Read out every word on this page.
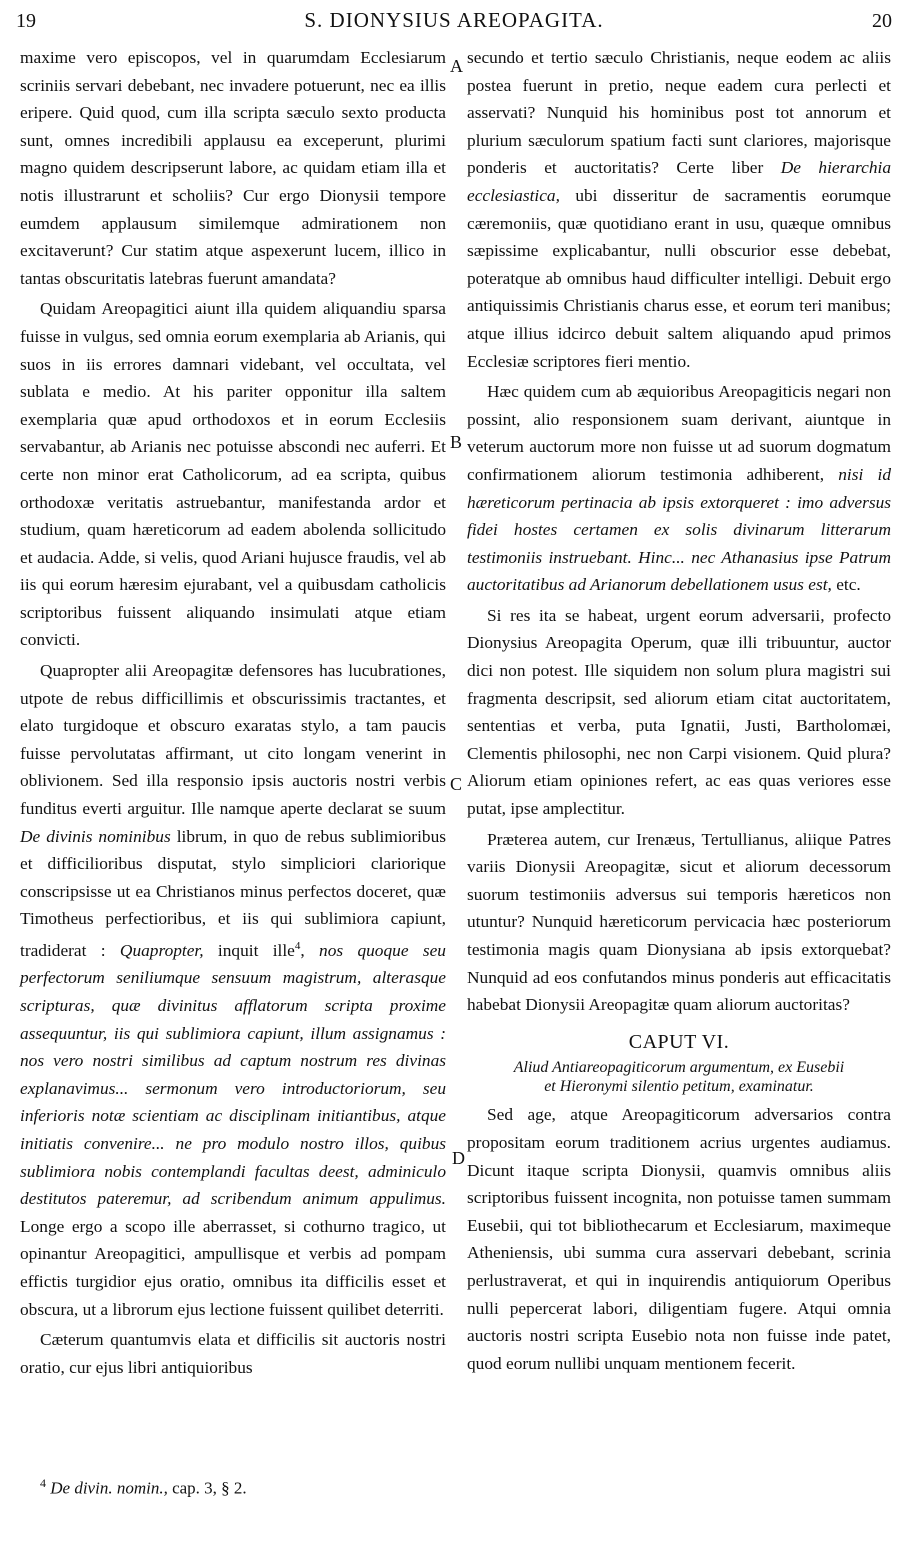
19	S. DIONYSIUS AREOPAGITA.	20
A
B
C
D

maxime vero episcopos, vel in quarumdam Ecclesiarum scriniis servari debebant, nec invadere potuerunt, nec ea illis eripere. Quid quod, cum illa scripta sæculo sexto producta sunt, omnes incredibili applausu ea exceperunt, plurimi magno quidem descripserunt labore, ac quidam etiam illa et notis illustrarunt et scholiis? Cur ergo Dionysii tempore eumdem applausum similemque admirationem non excitaverunt? Cur statim atque aspexerunt lucem, illico in tantas obscuritatis latebras fuerunt amandata?

Quidam Areopagitici aiunt illa quidem aliquandiu sparsa fuisse in vulgus, sed omnia eorum exemplaria ab Arianis, qui suos in iis errores damnari videbant, vel occultata, vel sublata e medio. At his pariter opponitur illa saltem exemplaria quæ apud orthodoxos et in eorum Ecclesiis servabantur, ab Arianis nec potuisse abscondi nec auferri. Et certe non minor erat Catholicorum, ad ea scripta, quibus orthodoxæ veritatis astruebantur, manifestanda ardor et studium, quam hæreticorum ad eadem abolenda sollicitudo et audacia. Adde, si velis, quod Ariani hujusce fraudis, vel ab iis qui eorum hæresim ejurabant, vel a quibusdam catholicis scriptoribus fuissent aliquando insimulati atque etiam convicti.

Quapropter alii Areopagitæ defensores has lucubrationes, utpote de rebus difficillimis et obscurissimis tractantes, et elato turgidoque et obscuro exaratas stylo, a tam paucis fuisse pervolutatas affirmant, ut cito longam venerint in oblivionem. Sed illa responsio ipsis auctoris nostri verbis funditus everti arguitur. Ille namque aperte declarat se suum De divinis nominibus librum, in quo de rebus sublimioribus et difficilioribus disputat, stylo simpliciori clariorique conscripsisse ut ea Christianos minus perfectos doceret, quæ Timotheus perfectioribus, et iis qui sublimiora capiunt, tradiderat : Quapropter, inquit ille$^4$, nos quoque seu perfectorum seniliumque sensuum magistrum, alterasque scripturas, quæ divinitus afflatorum scripta proxime assequuntur, iis qui sublimiora capiunt, illum assignamus : nos vero nostri similibus ad captum nostrum res divinas explanavimus... sermonum vero introductoriorum, seu inferioris notæ scientiam ac disciplinam initiantibus, atque initiatis convenire... ne pro modulo nostro illos, quibus sublimiora nobis contemplandi facultas deest, adminiculo destitutos pateremur, ad scribendum animum appulimus. Longe ergo a scopo ille aberrasset, si cothurno tragico, ut opinantur Areopagitici, ampullisque et verbis ad pompam effictis turgidior ejus oratio, omnibus ita difficilis esset et obscura, ut a librorum ejus lectione fuissent quilibet deterriti.

Cæterum quantumvis elata et difficilis sit auctoris nostri oratio, cur ejus libri antiquioribus

secundo et tertio sæculo Christianis, neque eodem ac aliis postea fuerunt in pretio, neque eadem cura perlecti et asservati? Nunquid his hominibus post tot annorum et plurium sæculorum spatium facti sunt clariores, majorisque ponderis et auctoritatis? Certe liber De hierarchia ecclesiastica, ubi disseritur de sacramentis eorumque cæremoniis, quæ quotidiano erant in usu, quæque omnibus sæpissime explicabantur, nulli obscurior esse debebat, poteratque ab omnibus haud difficulter intelligi. Debuit ergo antiquissimis Christianis charus esse, et eorum teri manibus; atque illius idcirco debuit saltem aliquando apud primos Ecclesiæ scriptores fieri mentio.

Hæc quidem cum ab æquioribus Areopagiticis negari non possint, alio responsionem suam derivant, aiuntque in veterum auctorum more non fuisse ut ad suorum dogmatum confirmationem aliorum testimonia adhiberent, nisi id hæreticorum pertinacia ab ipsis extorqueret : imo adversus fidei hostes certamen ex solis divinarum litterarum testimoniis instruebant. Hinc... nec Athanasius ipse Patrum auctoritatibus ad Arianorum debellationem usus est, etc.

Si res ita se habeat, urgent eorum adversarii, profecto Dionysius Areopagita Operum, quæ illi tribuuntur, auctor dici non potest. Ille siquidem non solum plura magistri sui fragmenta descripsit, sed aliorum etiam citat auctoritatem, sententias et verba, puta Ignatii, Justi, Bartholomæi, Clementis philosophi, nec non Carpi visionem. Quid plura? Aliorum etiam opiniones refert, ac eas quas veriores esse putat, ipse amplectitur.

Præterea autem, cur Irenæus, Tertullianus, aliique Patres variis Dionysii Areopagitæ, sicut et aliorum decessorum suorum testimoniis adversus sui temporis hæreticos non utuntur? Nunquid hæreticorum pervicacia hæc posteriorum testimonia magis quam Dionysiana ab ipsis extorquebat? Nunquid ad eos confutandos minus ponderis aut efficacitatis habebat Dionysii Areopagitæ quam aliorum auctoritas?

CAPUT VI.
Aliud Antiareopagiticorum argumentum, ex Eusebii
et Hieronymi silentio petitum, examinatur.

Sed age, atque Areopagiticorum adversarios contra propositam eorum traditionem acrius urgentes audiamus. Dicunt itaque scripta Dionysii, quamvis omnibus aliis scriptoribus fuissent incognita, non potuisse tamen summam Eusebii, qui tot bibliothecarum et Ecclesiarum, maximeque Atheniensis, ubi summa cura asservari debebant, scrinia perlustraverat, et qui in inquirendis antiquiorum Operibus nulli pepercerat labori, diligentiam fugere. Atqui omnia auctoris nostri scripta Eusebio nota non fuisse inde patet, quod eorum nullibi unquam mentionem fecerit.

$^4$ De divin. nomin., cap. 3, § 2.
